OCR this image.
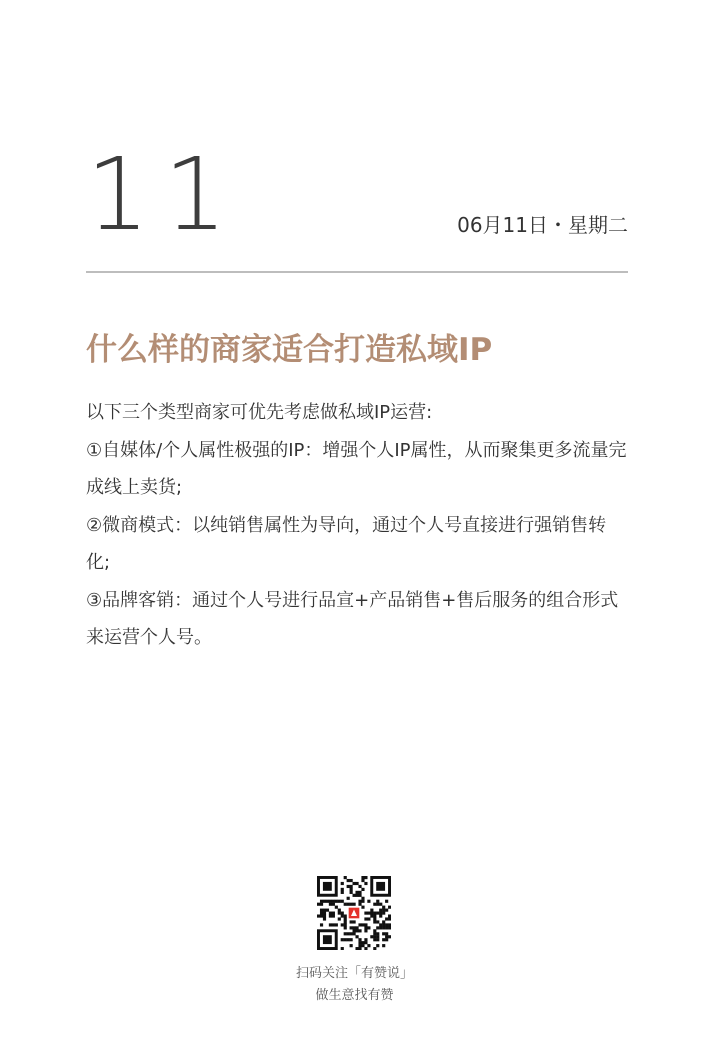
11	06月11日・星期二
什么样的商家适合打造私域IP

以下三个类型商家可优先考虑做私域IP运营:

①自媒体/个人属性极强的IP：增强个人IP属性，从而聚集更多流量完成线上卖货;

②微商模式：以纯销售属性为导向，通过个人号直接进行强销售转化;

③品牌客销：通过个人号进行品宣+产品销售+售后服务的组合形式来运营个人号。

扫码关注「有赞说」
做生意找有赞
